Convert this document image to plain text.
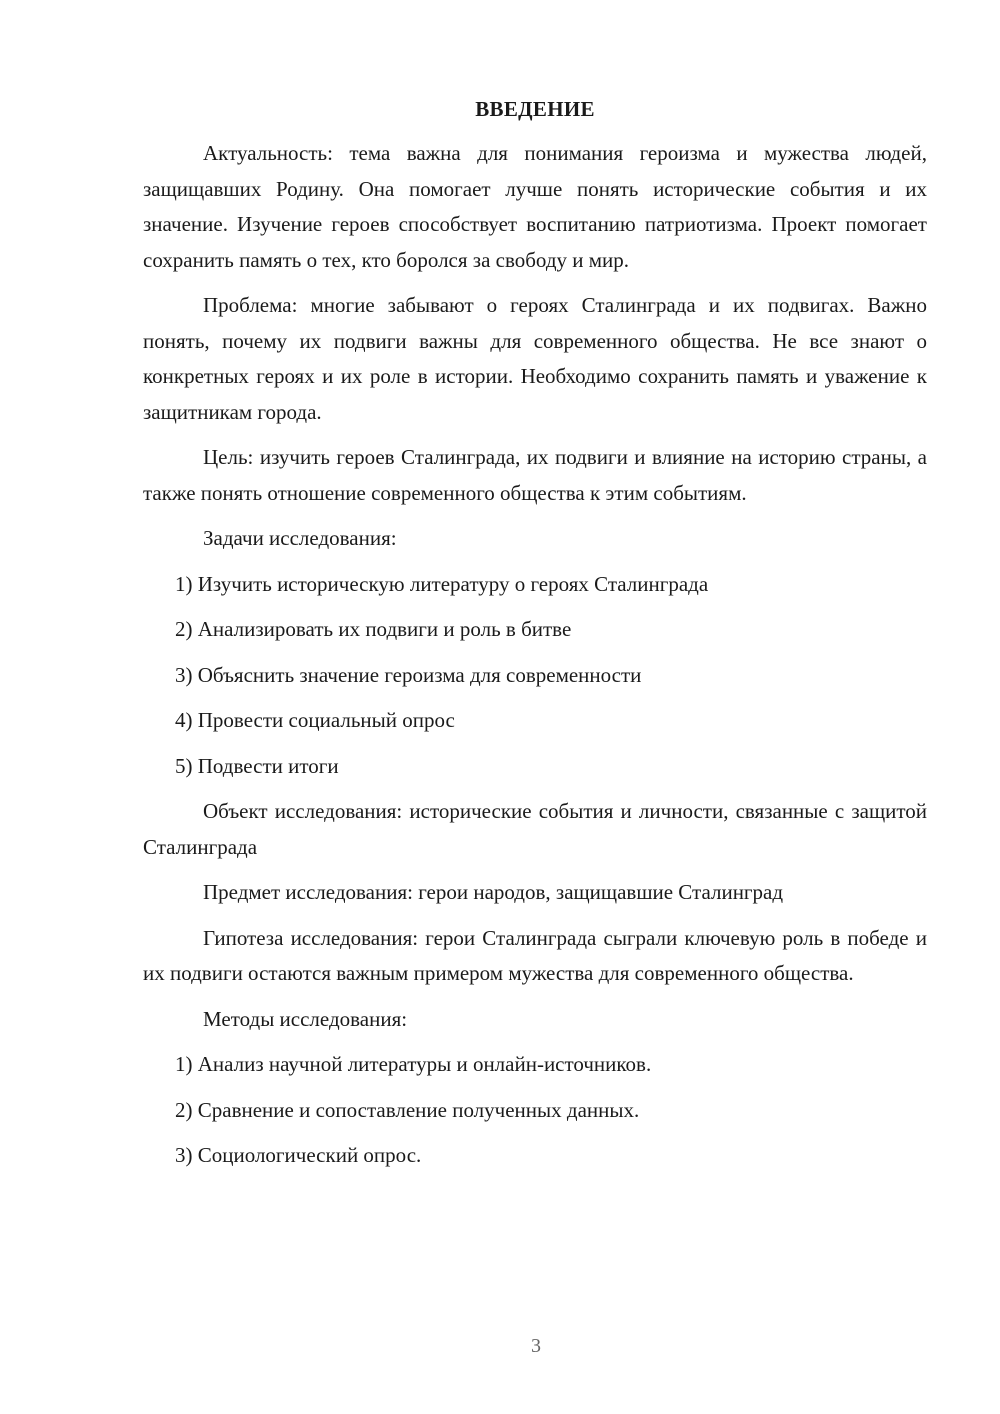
ВВЕДЕНИЕ

Актуальность: тема важна для понимания героизма и мужества людей, защищавших Родину. Она помогает лучше понять исторические события и их значение. Изучение героев способствует воспитанию патриотизма. Проект помогает сохранить память о тех, кто боролся за свободу и мир.

Проблема: многие забывают о героях Сталинграда и их подвигах. Важно понять, почему их подвиги важны для современного общества. Не все знают о конкретных героях и их роле в истории. Необходимо сохранить память и уважение к защитникам города.

Цель: изучить героев Сталинграда, их подвиги и влияние на историю страны, а также понять отношение современного общества к этим событиям.

Задачи исследования:

1) Изучить историческую литературу о героях Сталинграда

2) Анализировать их подвиги и роль в битве

3) Объяснить значение героизма для современности

4) Провести социальный опрос

5) Подвести итоги

Объект исследования: исторические события и личности, связанные с защитой Сталинграда

Предмет исследования: герои народов, защищавшие Сталинград

Гипотеза исследования: герои Сталинграда сыграли ключевую роль в победе и их подвиги остаются важным примером мужества для современного общества.

Методы исследования:

1) Анализ научной литературы и онлайн-источников.

2) Сравнение и сопоставление полученных данных.

3) Социологический опрос.

3
